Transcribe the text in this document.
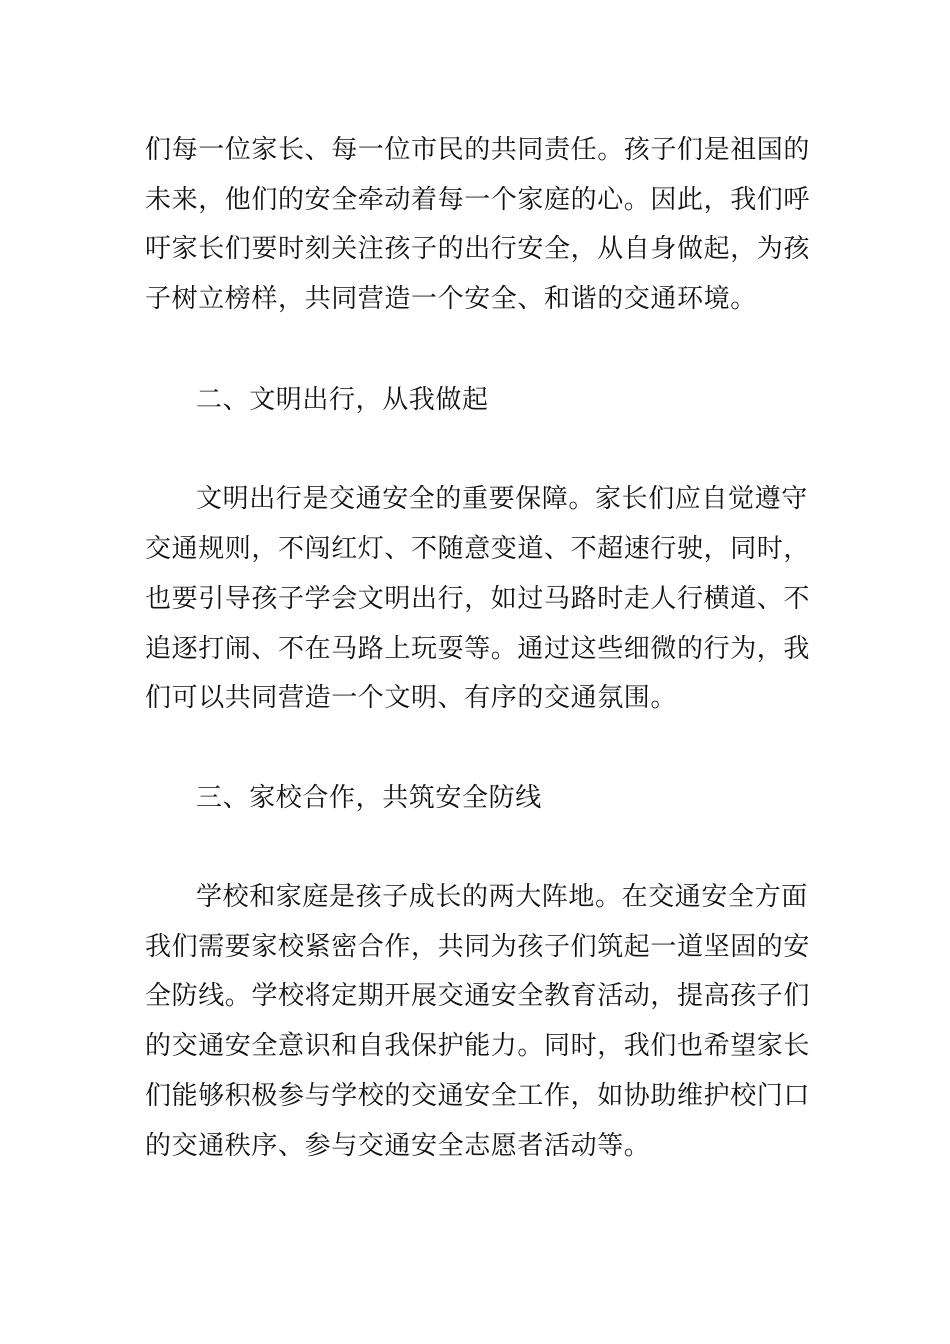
们每一位家长、每一位市民的共同责任。孩子们是祖国的

未来，他们的安全牵动着每一个家庭的心。因此，我们呼

吁家长们要时刻关注孩子的出行安全，从自身做起，为孩

子树立榜样，共同营造一个安全、和谐的交通环境。

二、文明出行，从我做起

文明出行是交通安全的重要保障。家长们应自觉遵守

交通规则，不闯红灯、不随意变道、不超速行驶，同时，

也要引导孩子学会文明出行，如过马路时走人行横道、不

追逐打闹、不在马路上玩耍等。通过这些细微的行为，我

们可以共同营造一个文明、有序的交通氛围。

三、家校合作，共筑安全防线

学校和家庭是孩子成长的两大阵地。在交通安全方面

我们需要家校紧密合作，共同为孩子们筑起一道坚固的安

全防线。学校将定期开展交通安全教育活动，提高孩子们

的交通安全意识和自我保护能力。同时，我们也希望家长

们能够积极参与学校的交通安全工作，如协助维护校门口

的交通秩序、参与交通安全志愿者活动等。
